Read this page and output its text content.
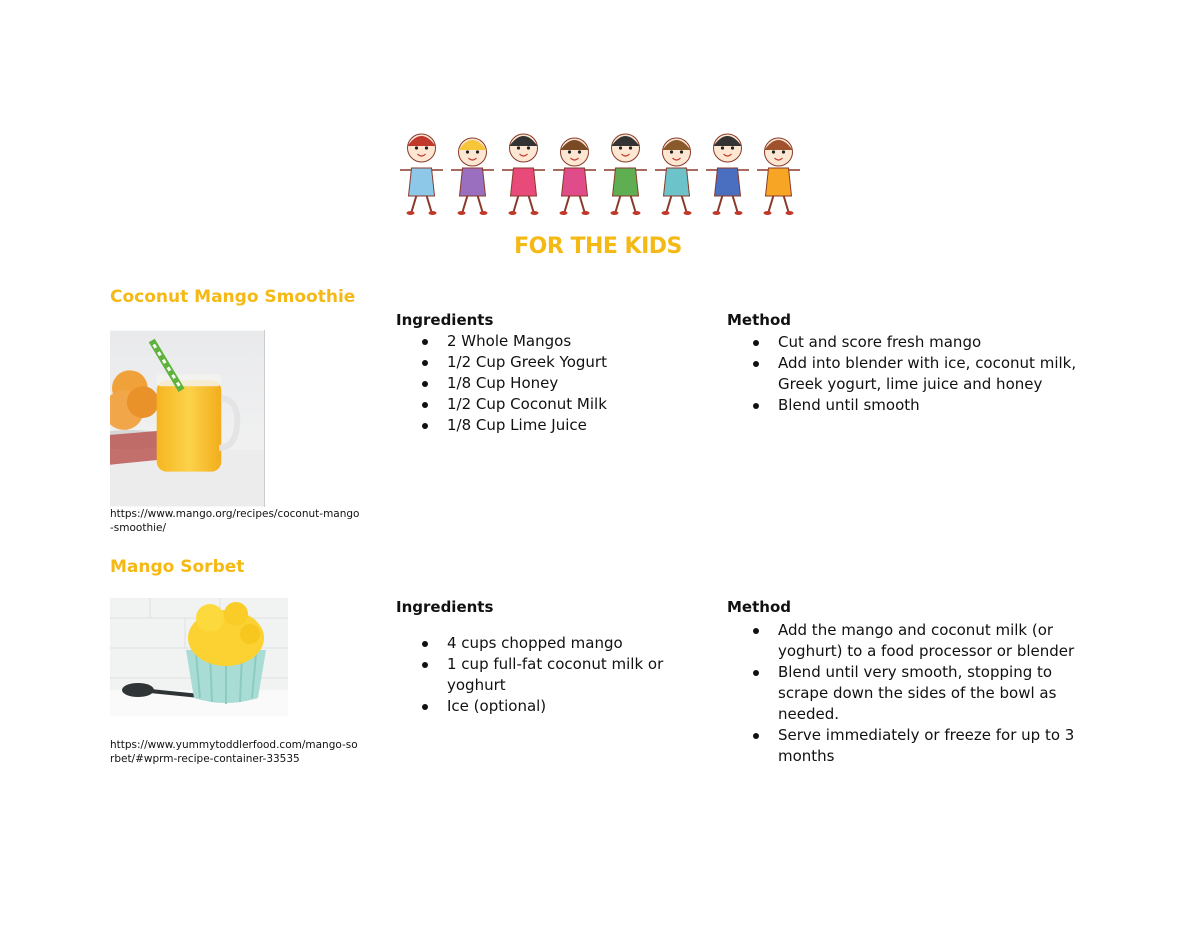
FOR THE KIDS
Coconut Mango Smoothie
https://www.mango.org/recipes/coconut-mango-smoothie/
Ingredients
2 Whole Mangos
1/2 Cup Greek Yogurt
1/8 Cup Honey
1/2 Cup Coconut Milk
1/8 Cup Lime Juice
Method
Cut and score fresh mango
Add into blender with ice, coconut milk, Greek yogurt, lime juice and honey
Blend until smooth
Mango Sorbet
https://www.yummytoddlerfood.com/mango-sorbet/#wprm-recipe-container-33535
Ingredients
4 cups chopped mango
1 cup full-fat coconut milk or yoghurt
Ice (optional)
Method
Add the mango and coconut milk (or yoghurt) to a food processor or blender
Blend until very smooth, stopping to scrape down the sides of the bowl as needed.
Serve immediately or freeze for up to 3 months
